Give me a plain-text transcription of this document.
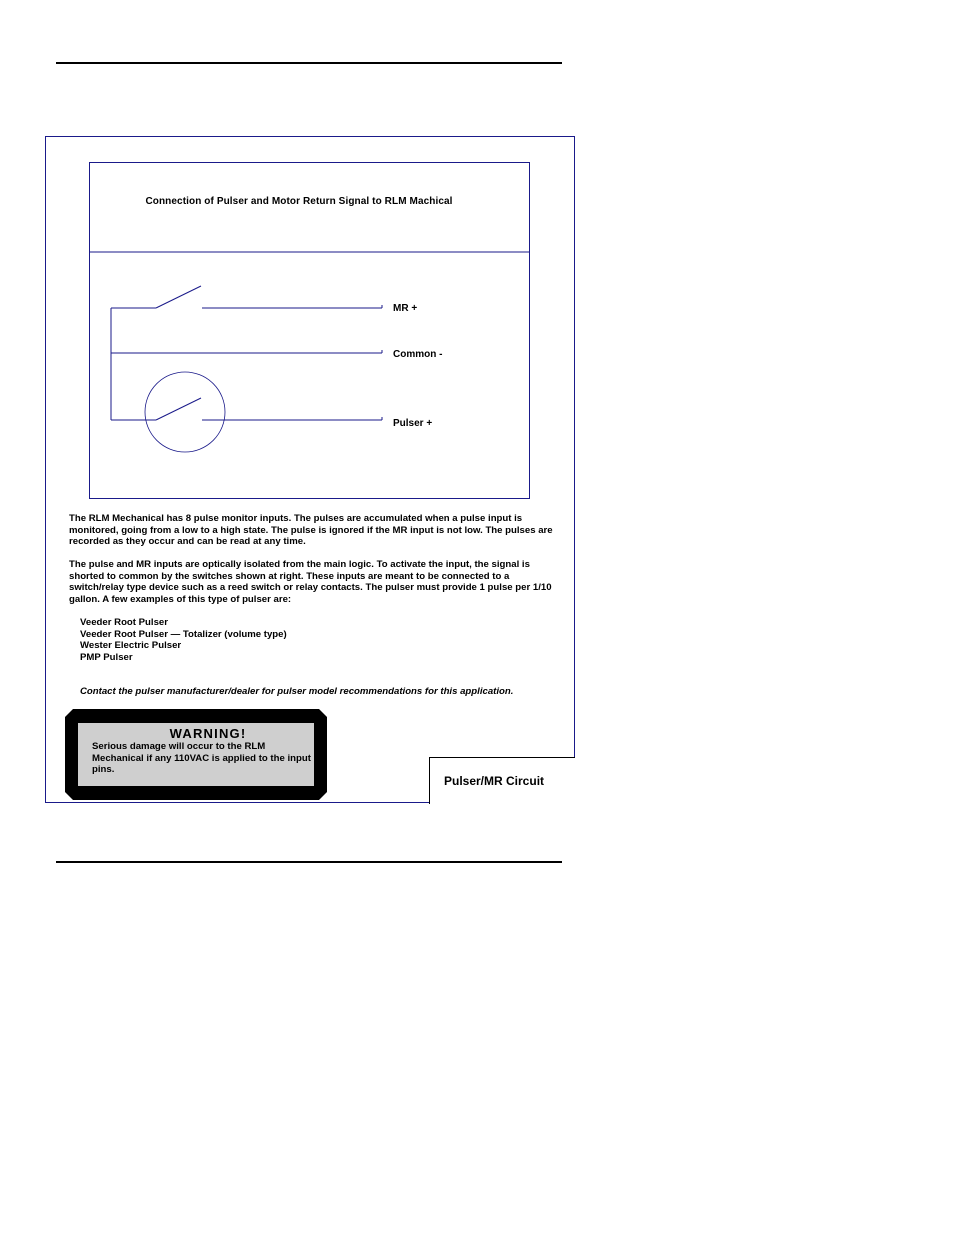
Connection of Pulser and Motor Return Signal to RLM Machical
MR +
Common -
Pulser +

The RLM Mechanical has 8 pulse monitor inputs. The pulses are accumulated when a pulse input is monitored, going from a low to a high state. The pulse is ignored if the MR input is not low. The pulses are recorded as they occur and can be read at any time.

The pulse and MR inputs are optically isolated from the main logic. To activate the input, the signal is shorted to common by the switches shown at right. These inputs are meant to be connected to a switch/relay type device such as a reed switch or relay contacts. The pulser must provide 1 pulse per 1/10 gallon. A few examples of this type of pulser are:

Veeder Root Pulser
Veeder Root Pulser — Totalizer (volume type)
Wester Electric Pulser
PMP Pulser
Contact the pulser manufacturer/dealer for pulser model recommendations for this application.
WARNING!
Serious damage will occur to the RLM Mechanical if any 110VAC is applied to the input pins.
Pulser/MR Circuit
